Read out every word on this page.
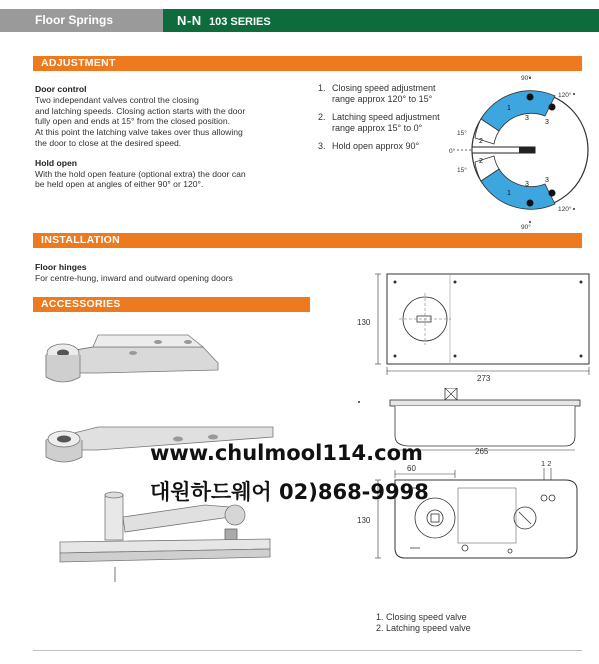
Floor Springs	N-N 103 SERIES
ADJUSTMENT
Door control
Two independant valves control the closing
and latching speeds. Closing action starts with the door
fully open and ends at 15° from the closed position.
At this point the latching valve takes over thus allowing
the door to close at the desired speed.
Hold open
With the hold open feature (optional extra) the door can
be held open at angles of either 90° or 120°.
1. Closing speed adjustment
range approx 120° to 15°
2. Latching speed adjustment
range approx 15° to 0°
3. Hold open approx 90°
90°
120°
15°
0°
15°
120°
90°
1
1
2
2
3
3
3
3
INSTALLATION
Floor hinges
For centre-hung, inward and outward opening doors
ACCESSORIES
130
273
265
60
1 2
130
1. Closing speed valve
2. Latching speed valve
www.chulmool114.com
대원하드웨어 02)868-9998
